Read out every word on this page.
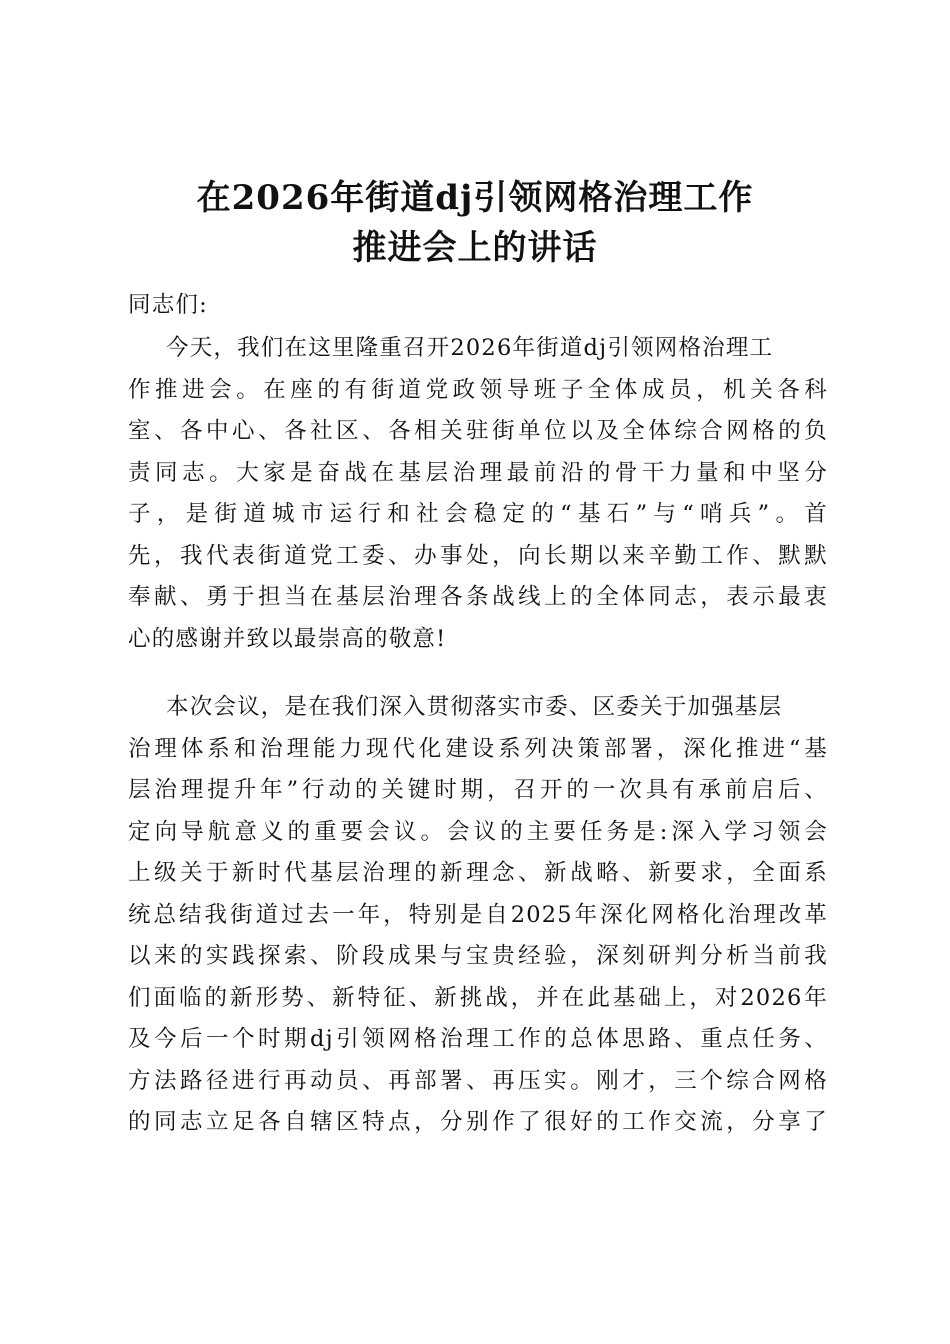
在2026年街道dj引领网格治理工作
推进会上的讲话
同志们:
今天，我们在这里隆重召开2026年街道dj引领网格治理工
作推进会。在座的有街道党政领导班子全体成员，机关各科
室、各中心、各社区、各相关驻街单位以及全体综合网格的负
责同志。大家是奋战在基层治理最前沿的骨干力量和中坚分
子，是街道城市运行和社会稳定的“基石”与“哨兵”。首
先，我代表街道党工委、办事处，向长期以来辛勤工作、默默
奉献、勇于担当在基层治理各条战线上的全体同志，表示最衷
心的感谢并致以最崇高的敬意!
本次会议，是在我们深入贯彻落实市委、区委关于加强基层
治理体系和治理能力现代化建设系列决策部署，深化推进“基
层治理提升年”行动的关键时期，召开的一次具有承前启后、
定向导航意义的重要会议。会议的主要任务是:深入学习领会
上级关于新时代基层治理的新理念、新战略、新要求，全面系
统总结我街道过去一年，特别是自2025年深化网格化治理改革
以来的实践探索、阶段成果与宝贵经验，深刻研判分析当前我
们面临的新形势、新特征、新挑战，并在此基础上，对2026年
及今后一个时期dj引领网格治理工作的总体思路、重点任务、
方法路径进行再动员、再部署、再压实。刚才，三个综合网格
的同志立足各自辖区特点，分别作了很好的工作交流，分享了
